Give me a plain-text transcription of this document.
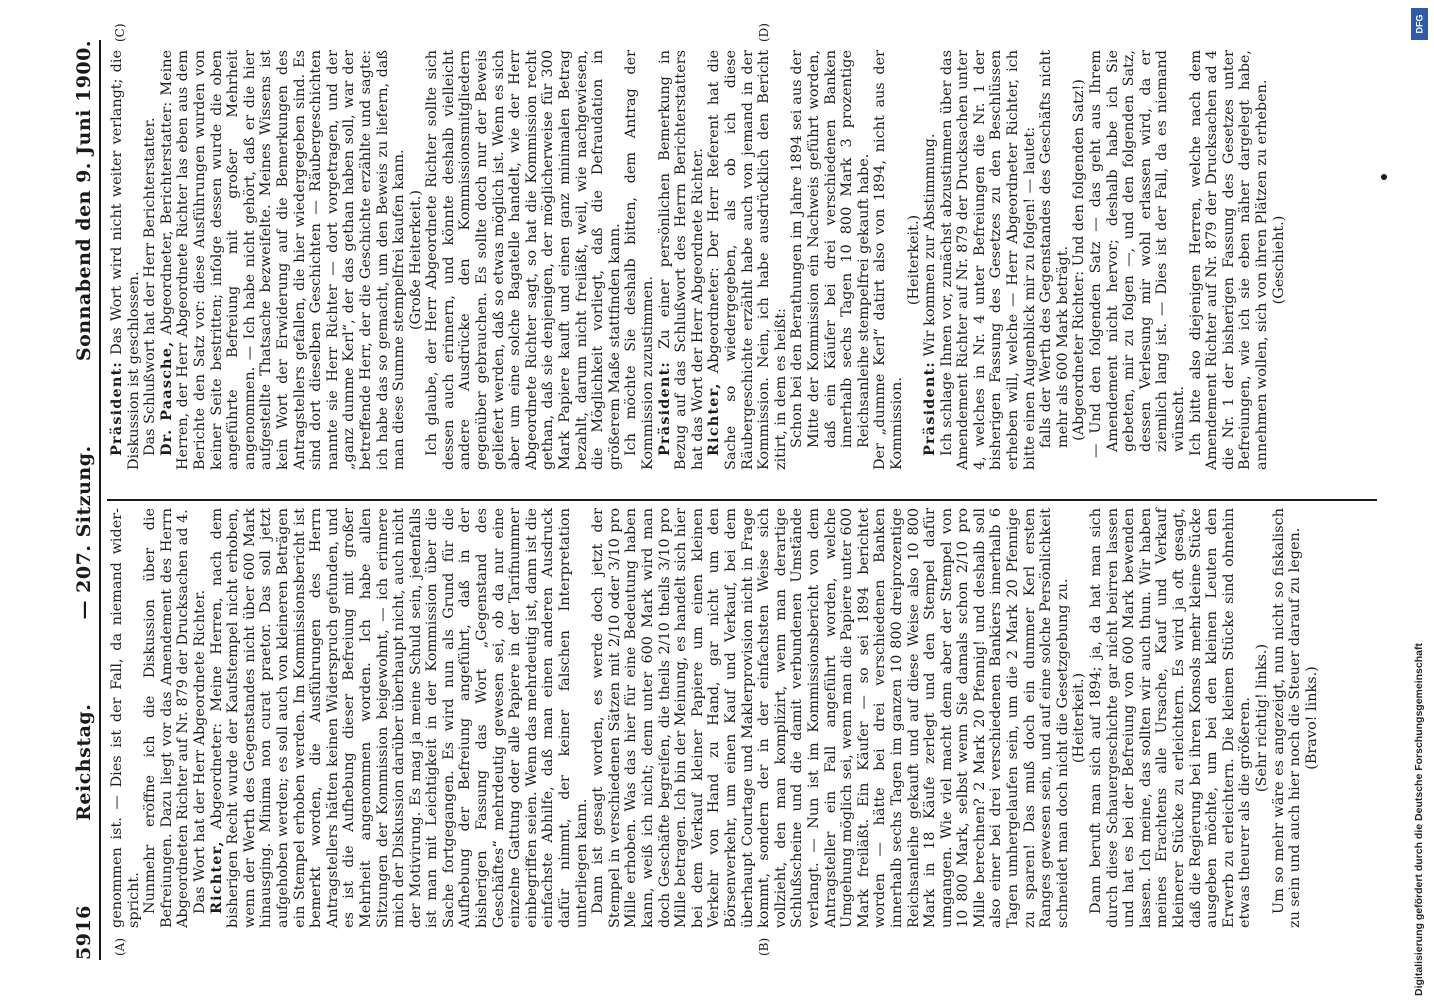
5916
Reichstag.
— 207. Sitzung.
Sonnabend den 9. Juni 1900.
(A)	(B)
(C)	(D)

genommen ist. — Dies ist der Fall, da niemand wider-spricht. Nunmehr eröffne ich die Diskussion über die Befreiungen. Dazu liegt vor das Amendement des Herrn Abgeordneten Richter auf Nr. 879 der Drucksachen ad 4. Das Wort hat der Herr Abgeordnete Richter. Richter, Abgeordneter: Meine Herren, nach dem bisherigen Recht wurde der Kaufstempel nicht erhoben, wenn der Werth des Gegenstandes nicht über 600 Mark hinausging. Minima non curat praetor. Das soll jetzt aufgehoben werden; es soll auch von kleineren Beträgen ein Stempel erhoben werden. Im Kommissionsbericht ist bemerkt worden, die Ausführungen des Herrn Antragstellers hätten keinen Widerspruch gefunden, und es ist die Aufhebung dieser Befreiung mit großer Mehrheit angenommen worden. Ich habe allen Sitzungen der Kommission beigewohnt, — ich erinnere mich der Diskussion darüber überhaupt nicht, auch nicht der Motivirung. Es mag ja meine Schuld sein, jedenfalls ist man mit Leichtigkeit in der Kommission über die Sache fortgegangen. Es wird nun als Grund für die Aufhebung der Befreiung angeführt, daß in der bisherigen Fassung das Wort „Gegenstand des Geschäftes“ mehrdeutig gewesen sei, ob da nur eine einzelne Gattung oder alle Papiere in der Tarifnummer einbegriffen seien. Wenn das mehrdeutig ist, dann ist die einfachste Abhilfe, daß man einen anderen Ausdruck dafür nimmt, der keiner falschen Interpretation unterliegen kann. Dann ist gesagt worden, es werde doch jetzt der Stempel in verschiedenen Sätzen mit 2/10 oder 3/10 pro Mille erhoben. Was das hier für eine Bedeutung haben kann, weiß ich nicht; denn unter 600 Mark wird man doch Geschäfte begreifen, die theils 2/10 theils 3/10 pro Mille betragen. Ich bin der Meinung, es handelt sich hier bei dem Verkauf kleiner Papiere um einen kleinen Verkehr von Hand zu Hand, gar nicht um den Börsenverkehr, um einen Kauf und Verkauf, bei dem überhaupt Courtage und Maklerprovision nicht in Frage kommt, sondern der in der einfachsten Weise sich vollzieht, den man komplizirt, wenn man derartige Schlußscheine und die damit verbundenen Umstände verlangt. — Nun ist im Kommissionsbericht von dem Antragsteller ein Fall angeführt worden, welche Umgehung möglich sei, wenn man die Papiere unter 600 Mark freiläßt. Ein Käufer — so sei 1894 berichtet worden — hätte bei drei verschiedenen Banken innerhalb sechs Tagen im ganzen 10 800 dreiprozentige Reichsanleihe gekauft und auf diese Weise also 10 800 Mark in 18 Käufe zerlegt und den Stempel dafür umgangen. Wie viel macht denn aber der Stempel von 10 800 Mark, selbst wenn Sie damals schon 2/10 pro Mille berechnen? 2 Mark 20 Pfennig! und deshalb soll also einer bei drei verschiedenen Bankiers innerhalb 6 Tagen umhergelaufen sein, um die 2 Mark 20 Pfennige zu sparen! Das muß doch ein dummer Kerl ersten Ranges gewesen sein, und auf eine solche Persönlichkeit schneidet man doch nicht die Gesetzgebung zu. (Heiterkeit.) Dann beruft man sich auf 1894; ja, da hat man sich durch diese Schauergeschichte gar nicht beirren lassen und hat es bei der Befreiung von 600 Mark bewenden lassen. Ich meine, das sollten wir auch thun. Wir haben meines Erachtens alle Ursache, Kauf und Verkauf kleinerer Stücke zu erleichtern. Es wird ja oft gesagt, daß die Regierung bei ihren Konsols mehr kleine Stücke ausgeben möchte, um bei den kleinen Leuten den Erwerb zu erleichtern. Die kleinen Stücke sind ohnehin etwas theurer als die größeren. (Sehr richtig! links.) Um so mehr wäre es angezeigt, nun nicht so fiskalisch zu sein und auch hier noch die Steuer darauf zu legen. (Bravo! links.)

Präsident: Das Wort wird nicht weiter verlangt; die Diskussion ist geschlossen. Das Schlußwort hat der Herr Berichterstatter. Dr. Paasche, Abgeordneter, Berichterstatter: Meine Herren, der Herr Abgeordnete Richter las eben aus dem Berichte den Satz vor: diese Ausführungen wurden von keiner Seite bestritten; infolge dessen wurde die oben angeführte Befreiung mit großer Mehrheit angenommen. — Ich habe nicht gehört, daß er die hier aufgestellte Thatsache bezweifelte. Meines Wissens ist kein Wort der Erwiderung auf die Bemerkungen des Antragstellers gefallen, die hier wiedergegeben sind. Es sind dort dieselben Geschichten — Räubergeschichten nannte sie Herr Richter — dort vorgetragen, und der „ganz dumme Kerl“, der das gethan haben soll, war der betreffende Herr, der die Geschichte erzählte und sagte: ich habe das so gemacht, um den Beweis zu liefern, daß man diese Summe stempelfrei kaufen kann. (Große Heiterkeit.) Ich glaube, der Herr Abgeordnete Richter sollte sich dessen auch erinnern, und könnte deshalb vielleicht andere Ausdrücke den Kommissionsmitgliedern gegenüber gebrauchen. Es sollte doch nur der Beweis geliefert werden, daß so etwas möglich ist. Wenn es sich aber um eine solche Bagatelle handelt, wie der Herr Abgeordnete Richter sagt, so hat die Kommission recht gethan, daß sie denjenigen, der möglicherweise für 300 Mark Papiere kauft und einen ganz minimalen Betrag bezahlt, darum nicht freiläßt, weil, wie nachgewiesen, die Möglichkeit vorliegt, daß die Defraudation in größerem Maße stattfinden kann. Ich möchte Sie deshalb bitten, dem Antrag der Kommission zuzustimmen. Präsident: Zu einer persönlichen Bemerkung in Bezug auf das Schlußwort des Herrn Berichterstatters hat das Wort der Herr Abgeordnete Richter. Richter, Abgeordneter: Der Herr Referent hat die Sache so wiedergegeben, als ob ich diese Räubergeschichte erzählt habe auch von jemand in der Kommission. Nein, ich habe ausdrücklich den Bericht zitirt, in dem es heißt: Schon bei den Berathungen im Jahre 1894 sei aus der Mitte der Kommission ein Nachweis geführt worden, daß ein Käufer bei drei verschiedenen Banken innerhalb sechs Tagen 10 800 Mark 3 prozentige Reichsanleihe stempelfrei gekauft habe. Der „dumme Kerl“ datirt also von 1894, nicht aus der Kommission.

(Heiterkeit.)

Präsident: Wir kommen zur Abstimmung. Ich schlage Ihnen vor, zunächst abzustimmen über das Amendement Richter auf Nr. 879 der Drucksachen unter 4, welches in Nr. 4 unter Befreiungen die Nr. 1 der bisherigen Fassung des Gesetzes zu den Beschlüssen erheben will, welche — Herr Abgeordneter Richter, ich bitte einen Augenblick mir zu folgen! — lautet: falls der Werth des Gegenstandes des Geschäfts nicht mehr als 600 Mark beträgt. (Abgeordneter Richter: Und den folgenden Satz!) — Und den folgenden Satz — das geht aus Ihrem Amendement nicht hervor; deshalb habe ich Sie gebeten, mir zu folgen —, und den folgenden Satz, dessen Verlesung mir wohl erlassen wird, da er ziemlich lang ist. — Dies ist der Fall, da es niemand wünscht. Ich bitte also diejenigen Herren, welche nach dem Amendement Richter auf Nr. 879 der Drucksachen ad 4 die Nr. 1 der bisherigen Fassung des Gesetzes unter Befreiungen, wie ich sie eben näher dargelegt habe, annehmen wollen, sich von ihren Plätzen zu erheben. (Geschieht.)

Digitalisierung gefördert durch die Deutsche Forschungsgemeinschaft
DFG
